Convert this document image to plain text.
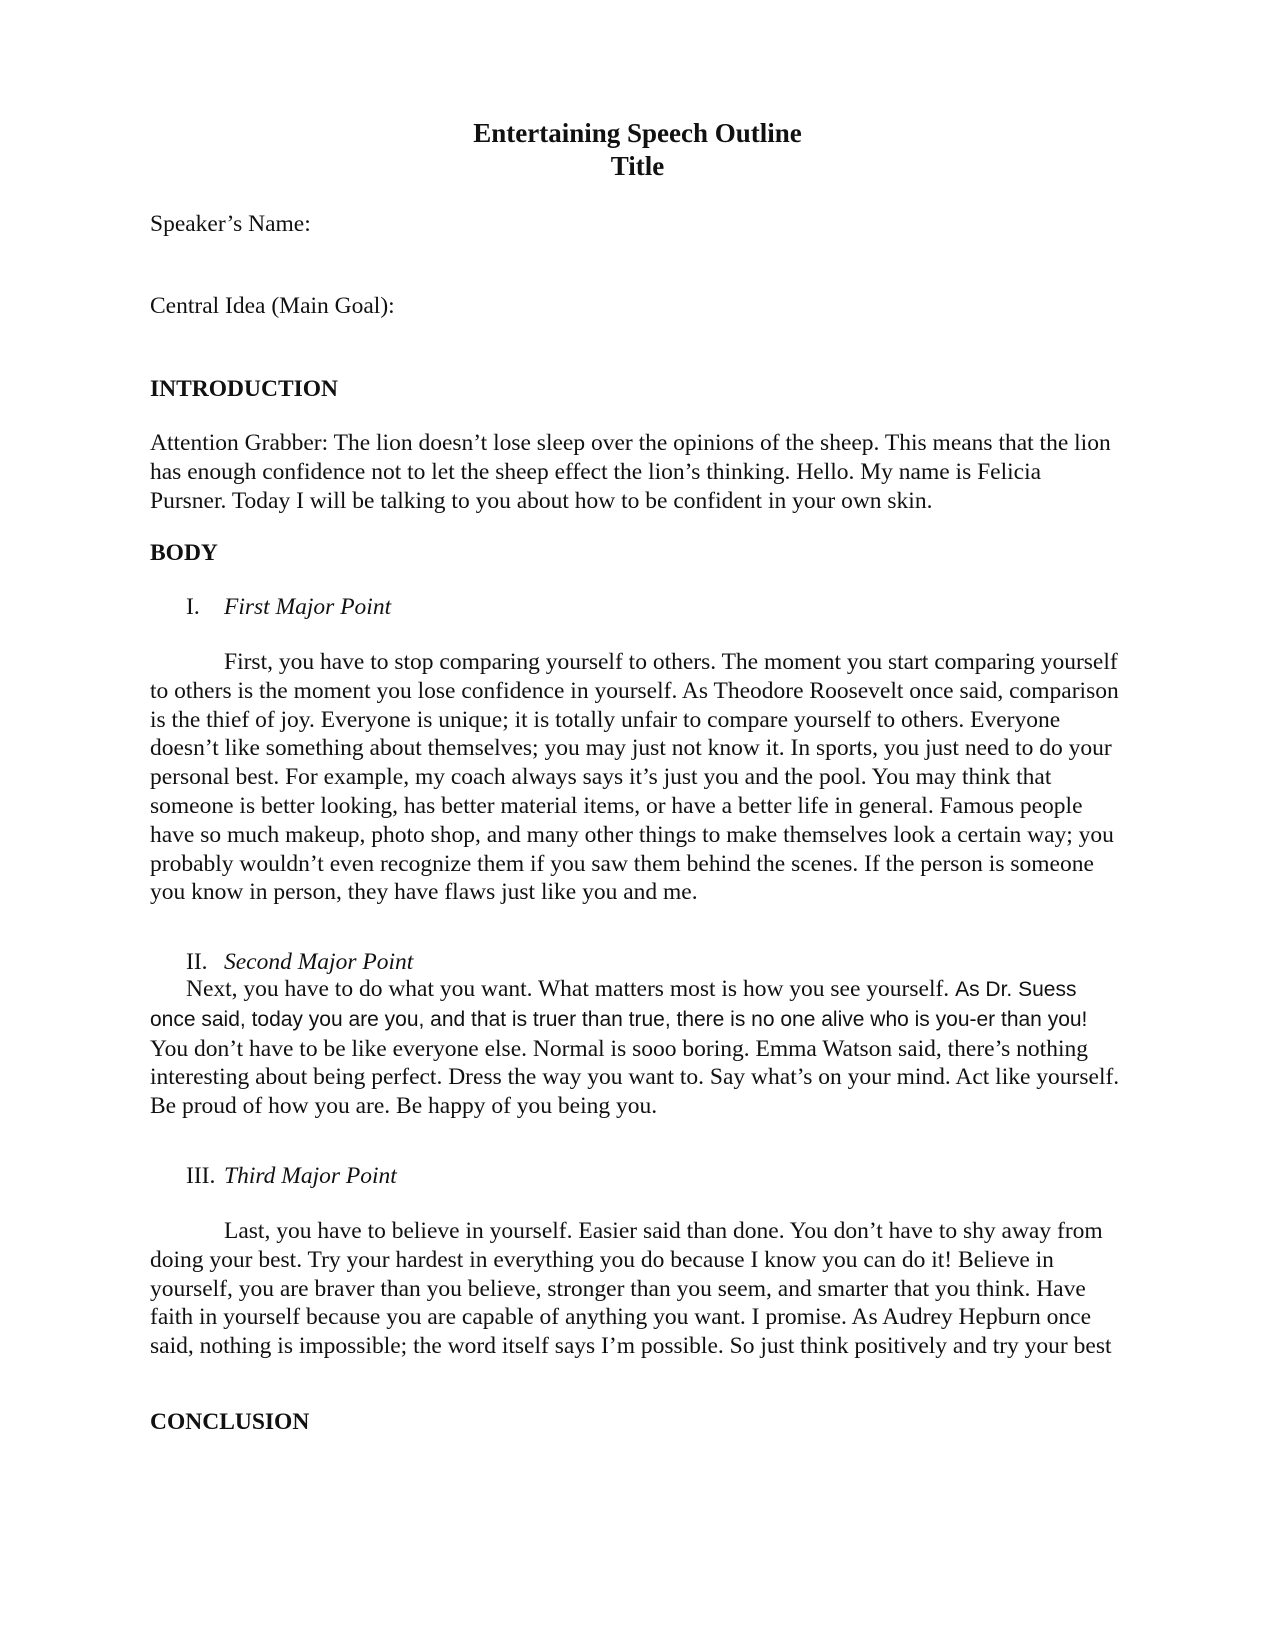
Entertaining Speech Outline
Title
Speaker’s Name:
Central Idea (Main Goal):
INTRODUCTION

Attention Grabber: The lion doesn’t lose sleep over the opinions of the sheep. This means that the lion has enough confidence not to let the sheep effect the lion’s thinking. Hello. My name is Felicia Pursner. Today I will be talking to you about how to be confident in your own skin.

BODY
I. First Major Point

First, you have to stop comparing yourself to others. The moment you start comparing yourself to others is the moment you lose confidence in yourself. As Theodore Roosevelt once said, comparison is the thief of joy. Everyone is unique; it is totally unfair to compare yourself to others. Everyone doesn’t like something about themselves; you may just not know it. In sports, you just need to do your personal best. For example, my coach always says it’s just you and the pool. You may think that someone is better looking, has better material items, or have a better life in general. Famous people have so much makeup, photo shop, and many other things to make themselves look a certain way; you probably wouldn’t even recognize them if you saw them behind the scenes. If the person is someone you know in person, they have flaws just like you and me.

II. Second Major Point

Next, you have to do what you want. What matters most is how you see yourself. As Dr. Suess once said, today you are you, and that is truer than true, there is no one alive who is you-er than you! You don’t have to be like everyone else. Normal is sooo boring. Emma Watson said, there’s nothing interesting about being perfect. Dress the way you want to. Say what’s on your mind. Act like yourself. Be proud of how you are. Be happy of you being you.

III. Third Major Point

Last, you have to believe in yourself. Easier said than done. You don’t have to shy away from doing your best. Try your hardest in everything you do because I know you can do it! Believe in yourself, you are braver than you believe, stronger than you seem, and smarter that you think. Have faith in yourself because you are capable of anything you want. I promise. As Audrey Hepburn once said, nothing is impossible; the word itself says I’m possible. So just think positively and try your best

CONCLUSION
